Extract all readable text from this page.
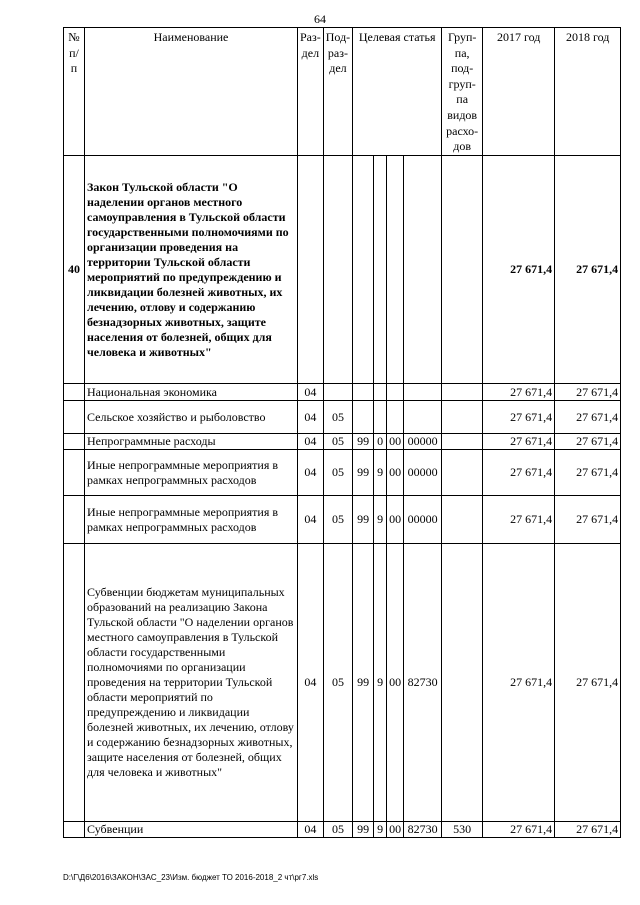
64
№ п/ п	Наименование	Раз- дел	Под- раз- дел	Целевая статья				Груп- па, под- груп- па видов расхо- дов	2017 год	2018 год
40	Закон Тульской области "О наделении органов местного самоуправления в Тульской области государственными полномочиями по организации проведения на территории Тульской области мероприятий по предупреждению и ликвидации болезней животных, их лечению, отлову и содержанию безнадзорных животных, защите населения от болезней, общих для человека и животных"								27 671,4	27 671,4
	Национальная экономика	04							27 671,4	27 671,4
	Сельское хозяйство и рыболовство	04	05						27 671,4	27 671,4
	Непрограммные расходы	04	05	99	0	00	00000		27 671,4	27 671,4
	Иные непрограммные мероприятия в рамках непрограммных расходов	04	05	99	9	00	00000		27 671,4	27 671,4
	Иные непрограммные мероприятия в рамках непрограммных расходов	04	05	99	9	00	00000		27 671,4	27 671,4
	Субвенции бюджетам муниципальных образований на реализацию Закона Тульской области "О наделении органов местного самоуправления в Тульской области государственными полномочиями по организации проведения на территории Тульской области мероприятий по предупреждению и ликвидации болезней животных, их лечению, отлову и содержанию безнадзорных животных, защите населения от болезней, общих для человека и животных"	04	05	99	9	00	82730		27 671,4	27 671,4
	Субвенции	04	05	99	9	00	82730	530	27 671,4	27 671,4
D:\Г\Д6\2016\ЗАКОН\ЗАС_23\Изм. бюджет ТО 2016-2018_2 чт\рг7.xls
